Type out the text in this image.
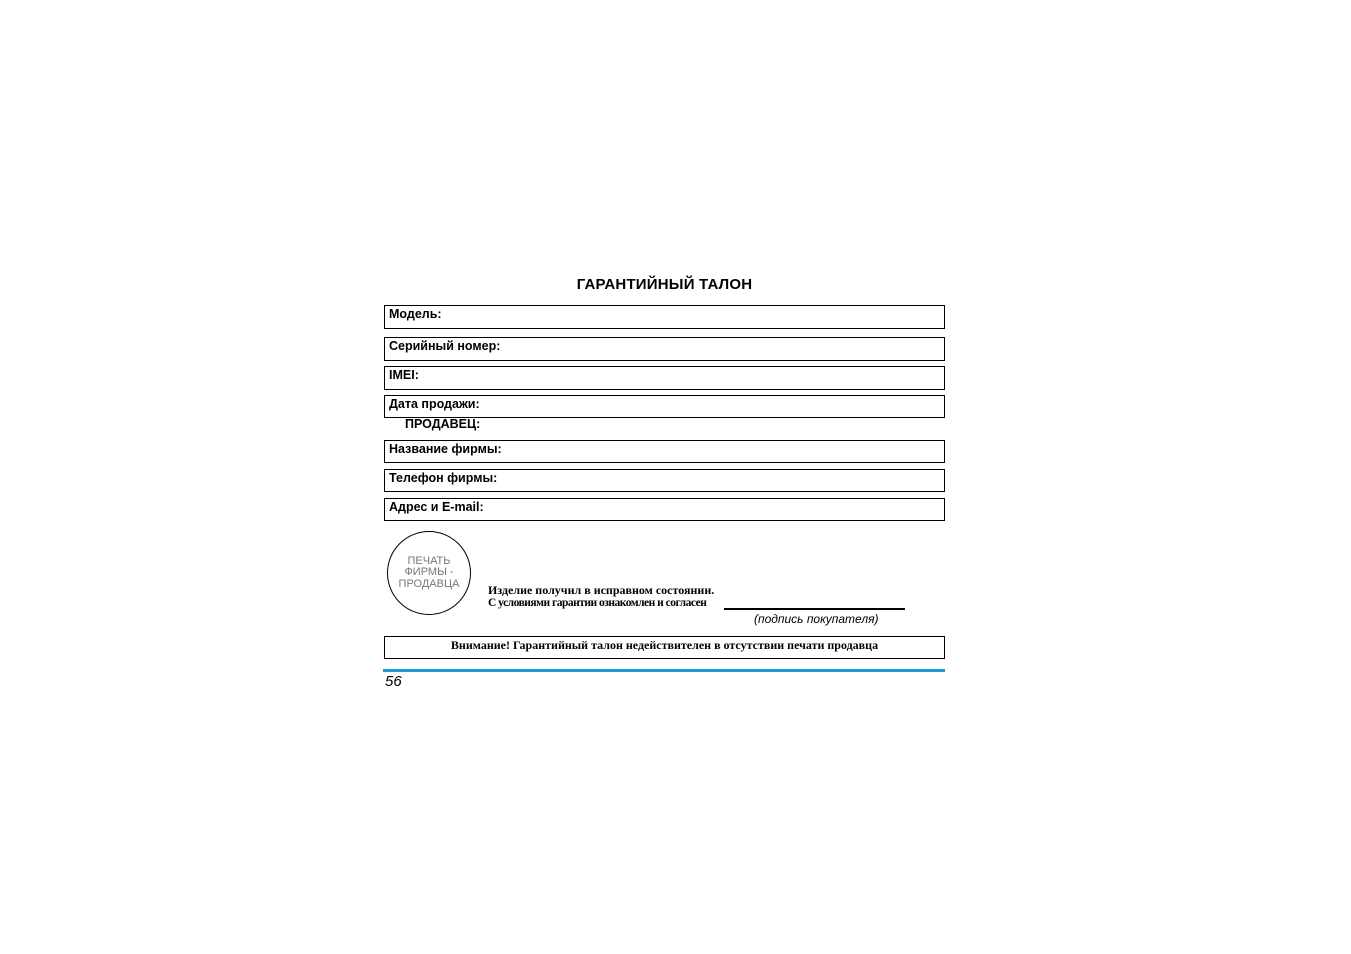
ГАРАНТИЙНЫЙ ТАЛОН
Модель:
Серийный номер:
IMEI:
Дата продажи:
ПРОДАВЕЦ:
Название фирмы:
Телефон фирмы:
Адрес и E-mail:
ПЕЧАТЬ
ФИРМЫ -
ПРОДАВЦА	Изделие получил в исправном состоянии.
С условиями гарантии ознакомлен и согласен
(подпись покупателя)
Внимание! Гарантийный талон недействителен в отсутствии печати продавца
56
